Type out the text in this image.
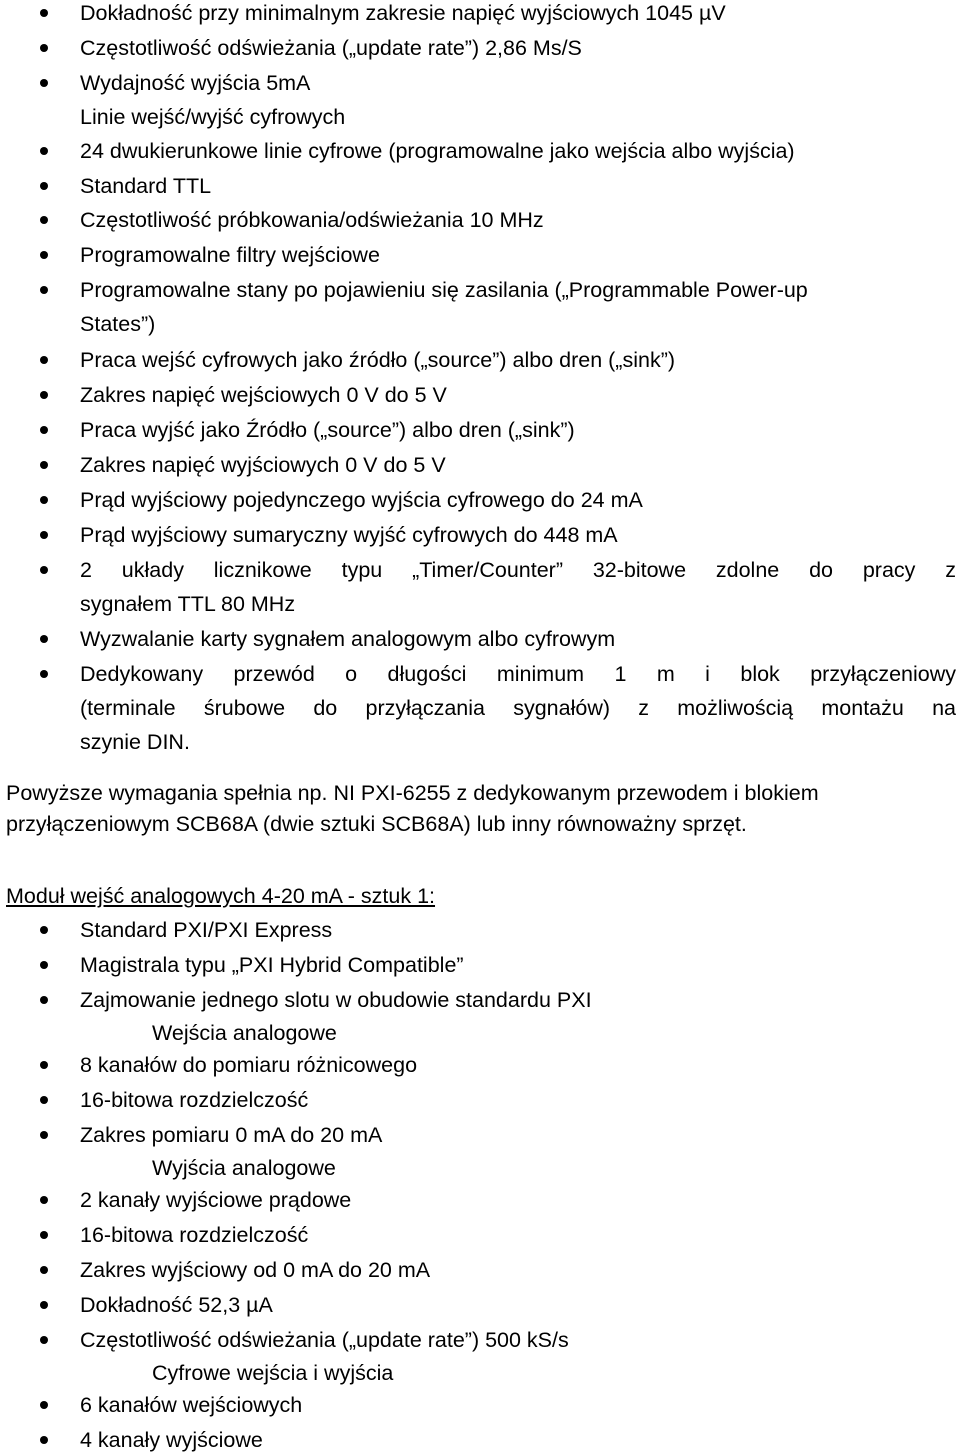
Dokładność przy minimalnym zakresie napięć wyjściowych 1045 µV
Częstotliwość odświeżania („update rate”) 2,86 Ms/S
Wydajność wyjścia 5mA
Linie wejść/wyjść cyfrowych
24 dwukierunkowe linie cyfrowe (programowalne jako wejścia albo wyjścia)
Standard TTL
Częstotliwość próbkowania/odświeżania 10 MHz
Programowalne filtry wejściowe
Programowalne stany po pojawieniu się zasilania („Programmable Power-up
States”)
Praca wejść cyfrowych jako źródło („source”) albo dren („sink”)
Zakres napięć wejściowych 0 V do 5 V
Praca wyjść jako Źródło („source”) albo dren („sink”)
Zakres napięć wyjściowych 0 V do 5 V
Prąd wyjściowy pojedynczego wyjścia cyfrowego do 24 mA
Prąd wyjściowy sumaryczny wyjść cyfrowych do 448 mA
2 układy licznikowe typu „Timer/Counter” 32-bitowe zdolne do pracy z
sygnałem TTL 80 MHz
Wyzwalanie karty sygnałem analogowym albo cyfrowym
Dedykowany przewód o długości minimum 1 m i blok przyłączeniowy
(terminale śrubowe do przyłączania sygnałów) z możliwością montażu na
szynie DIN.
Powyższe wymagania spełnia np. NI PXI-6255 z dedykowanym przewodem i blokiem
przyłączeniowym SCB68A (dwie sztuki SCB68A) lub inny równoważny sprzęt.
Moduł wejść analogowych 4-20 mA - sztuk 1:
Standard PXI/PXI Express
Magistrala typu „PXI Hybrid Compatible”
Zajmowanie jednego slotu w obudowie standardu PXI
Wejścia analogowe
8 kanałów do pomiaru różnicowego
16-bitowa rozdzielczość
Zakres pomiaru 0 mA do 20 mA
Wyjścia analogowe
2 kanały wyjściowe prądowe
16-bitowa rozdzielczość
Zakres wyjściowy od 0 mA do 20 mA
Dokładność 52,3 µA
Częstotliwość odświeżania („update rate”) 500 kS/s
Cyfrowe wejścia i wyjścia
6 kanałów wejściowych
4 kanały wyjściowe
